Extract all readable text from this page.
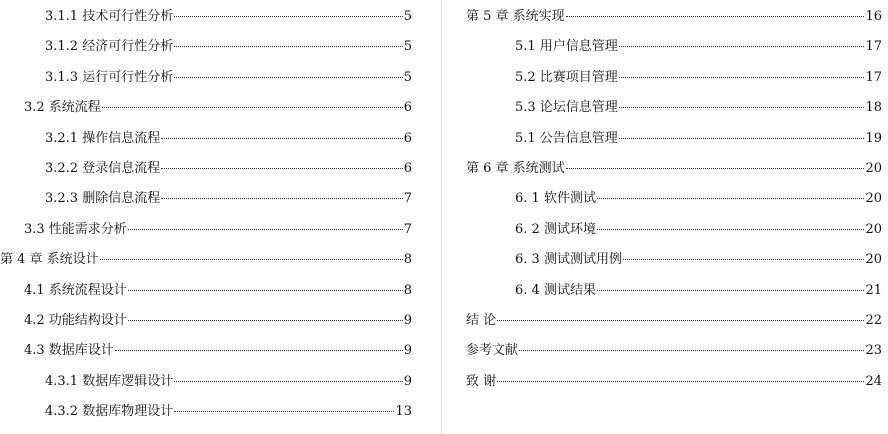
3.1.1 技术可行性分析	5
3.1.2 经济可行性分析	5
3.1.3 运行可行性分析	5
3.2 系统流程	6
3.2.1 操作信息流程	6
3.2.2 登录信息流程	6
3.2.3 删除信息流程	7
3.3 性能需求分析	7
第 4 章 系统设计	8
4.1 系统流程设计	8
4.2 功能结构设计	9
4.3 数据库设计	9
4.3.1 数据库逻辑设计	9
4.3.2 数据库物理设计	13
第 5 章 系统实现	16
5.1 用户信息管理	17
5.2 比赛项目管理	17
5.3 论坛信息管理	18
5.1 公告信息管理	19
第 6 章 系统测试	20
6. 1 软件测试	20
6. 2 测试环境	20
6. 3 测试测试用例	20
6. 4 测试结果	21
结 论	22
参考文献	23
致 谢	24
